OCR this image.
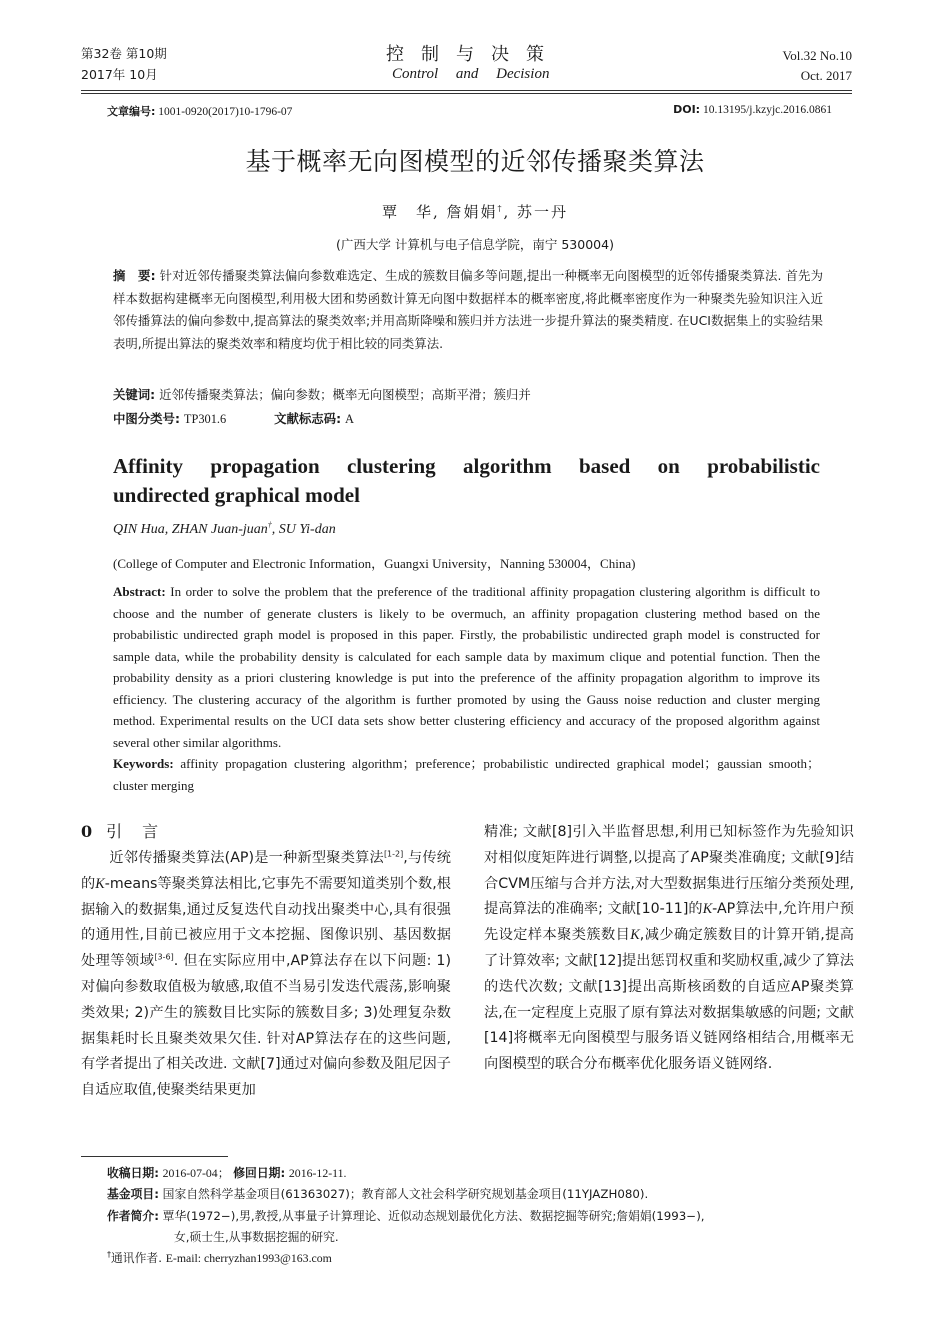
第32卷 第10期
2017年 10月
控制与决策
Control and Decision
Vol.32 No.10
Oct. 2017
文章编号: 1001-0920(2017)10-1796-07	DOI: 10.13195/j.kzyjc.2016.0861
基于概率无向图模型的近邻传播聚类算法
覃　华, 詹娟娟†, 苏一丹
(广西大学 计算机与电子信息学院，南宁 530004)
摘　要: 针对近邻传播聚类算法偏向参数难选定、生成的簇数目偏多等问题,提出一种概率无向图模型的近邻传播聚类算法. 首先为样本数据构建概率无向图模型,利用极大团和势函数计算无向图中数据样本的概率密度,将此概率密度作为一种聚类先验知识注入近邻传播算法的偏向参数中,提高算法的聚类效率;并用高斯降噪和簇归并方法进一步提升算法的聚类精度. 在UCI数据集上的实验结果表明,所提出算法的聚类效率和精度均优于相比较的同类算法.
关键词: 近邻传播聚类算法；偏向参数；概率无向图模型；高斯平滑；簇归并
中图分类号: TP301.6	文献标志码: A
Affinity propagation clustering algorithm based on probabilistic
undirected graphical model
QIN Hua, ZHAN Juan-juan†, SU Yi-dan
(College of Computer and Electronic Information，Guangxi University，Nanning 530004，China)
Abstract: In order to solve the problem that the preference of the traditional affinity propagation clustering algorithm is difficult to choose and the number of generate clusters is likely to be overmuch, an affinity propagation clustering method based on the probabilistic undirected graph model is proposed in this paper. Firstly, the probabilistic undirected graph model is constructed for sample data, while the probability density is calculated for each sample data by maximum clique and potential function. Then the probability density as a priori clustering knowledge is put into the preference of the affinity propagation algorithm to improve its efficiency. The clustering accuracy of the algorithm is further promoted by using the Gauss noise reduction and cluster merging method. Experimental results on the UCI data sets show better clustering efficiency and accuracy of the proposed algorithm against several other similar algorithms.
Keywords: affinity propagation clustering algorithm；preference；probabilistic undirected graphical model；gaussian smooth；cluster merging
0 引言
近邻传播聚类算法(AP)是一种新型聚类算法[1-2],与传统的K-means等聚类算法相比,它事先不需要知道类别个数,根据输入的数据集,通过反复迭代自动找出聚类中心,具有很强的通用性,目前已被应用于文本挖掘、图像识别、基因数据处理等领域[3-6]. 但在实际应用中,AP算法存在以下问题: 1)对偏向参数取值极为敏感,取值不当易引发迭代震荡,影响聚类效果; 2)产生的簇数目比实际的簇数目多; 3)处理复杂数据集耗时长且聚类效果欠佳. 针对AP算法存在的这些问题,有学者提出了相关改进. 文献[7]通过对偏向参数及阻尼因子自适应取值,使聚类结果更加
精准; 文献[8]引入半监督思想,利用已知标签作为先验知识对相似度矩阵进行调整,以提高了AP聚类准确度; 文献[9]结合CVM压缩与合并方法,对大型数据集进行压缩分类预处理,提高算法的准确率; 文献[10-11]的K-AP算法中,允许用户预先设定样本聚类簇数目K,减少确定簇数目的计算开销,提高了计算效率; 文献[12]提出惩罚权重和奖励权重,减少了算法的迭代次数; 文献[13]提出高斯核函数的自适应AP聚类算法,在一定程度上克服了原有算法对数据集敏感的问题; 文献[14]将概率无向图模型与服务语义链网络相结合,用概率无向图模型的联合分布概率优化服务语义链网络.
收稿日期: 2016-07-04； 修回日期: 2016-12-11.
基金项目: 国家自然科学基金项目(61363027)；教育部人文社会科学研究规划基金项目(11YJAZH080).
作者简介: 覃华(1972−),男,教授,从事量子计算理论、近似动态规划最优化方法、数据挖掘等研究;詹娟娟(1993−),
女,硕士生,从事数据挖掘的研究.
†通讯作者. E-mail: cherryzhan1993@163.com
